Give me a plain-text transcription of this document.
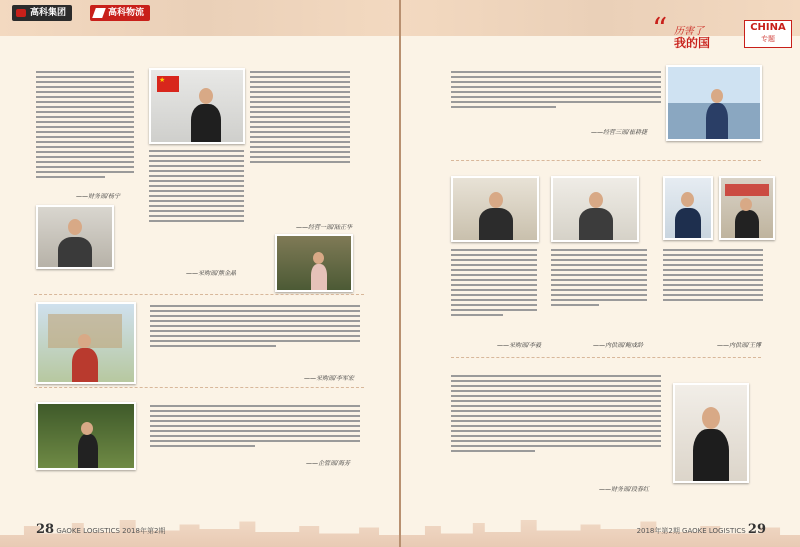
高科集团	高科物流
——财务部/杨宁
★
——经营一部/陆正华
——采购部/熊金晶
——采购部/李军宏
——企管部/海芳
28 GAOKE LOGISTICS 2018年第2期
“ 历害了
我的国
CHINA
专题
——经营三部/崔耕捷
——采购部/李毅	——内供部/鲍成龄	——内供部/王博
——财务部/段春红
2018年第2期 GAOKE LOGISTICS 29
